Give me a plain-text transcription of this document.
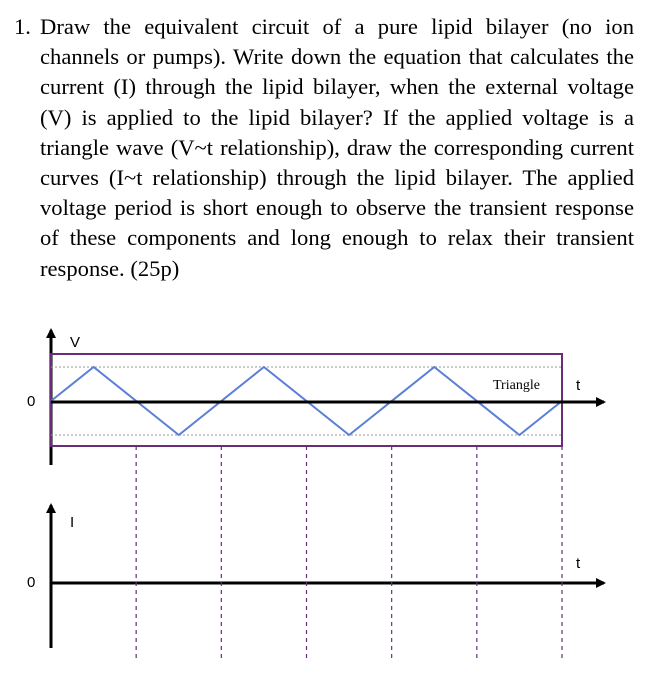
1. Draw the equivalent circuit of a pure lipid bilayer (no ion channels or pumps). Write down the equation that calculates the current (I) through the lipid bilayer, when the external voltage (V) is applied to the lipid bilayer? If the applied voltage is a triangle wave (V~t relationship), draw the corresponding current curves (I~t relationship) through the lipid bilayer. The applied voltage period is short enough to observe the transient response of these components and long enough to relax their transient response. (25p)
V
0
Triangle t
I
0
t
